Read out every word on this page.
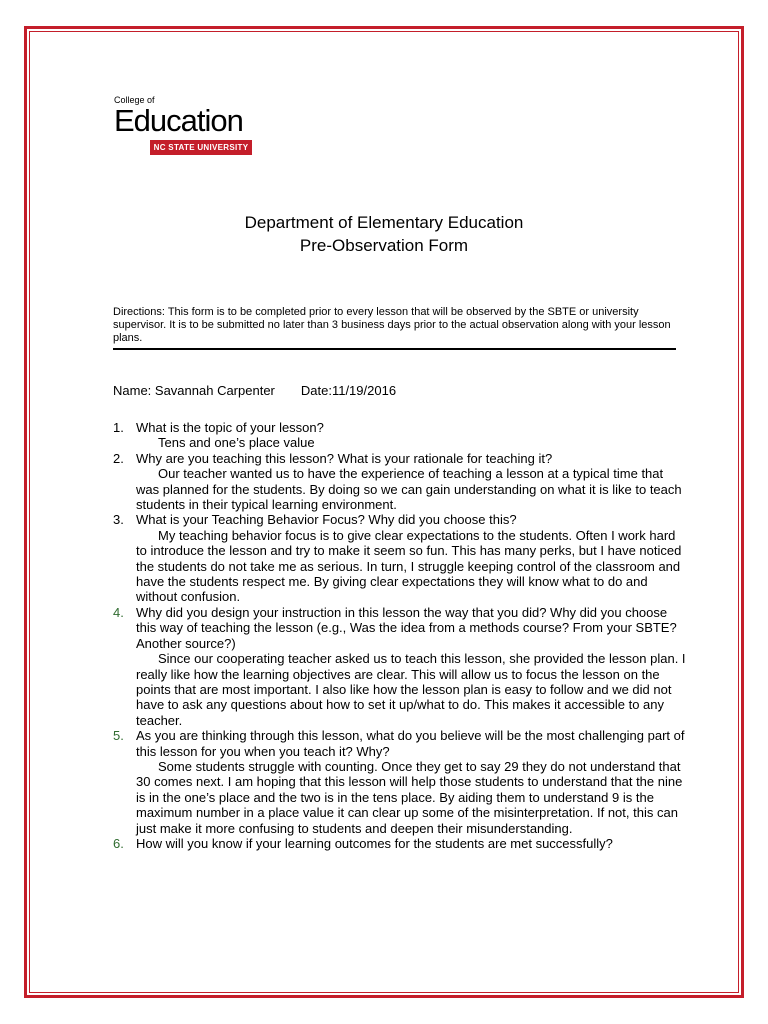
College of
Education
NC STATE UNIVERSITY
Department of Elementary Education
Pre-Observation Form
Directions: This form is to be completed prior to every lesson that will be observed by the SBTE or university supervisor. It is to be submitted no later than 3 business days prior to the actual observation along with your lesson plans.
Name: Savannah Carpenter Date:11/19/2016
1. What is the topic of your lesson?
Tens and one’s place value
2. Why are you teaching this lesson? What is your rationale for teaching it?
Our teacher wanted us to have the experience of teaching a lesson at a typical time that was planned for the students. By doing so we can gain understanding on what it is like to teach students in their typical learning environment.
3. What is your Teaching Behavior Focus? Why did you choose this?
My teaching behavior focus is to give clear expectations to the students. Often I work hard to introduce the lesson and try to make it seem so fun. This has many perks, but I have noticed the students do not take me as serious. In turn, I struggle keeping control of the classroom and have the students respect me. By giving clear expectations they will know what to do and without confusion.
4. Why did you design your instruction in this lesson the way that you did? Why did you choose this way of teaching the lesson (e.g., Was the idea from a methods course? From your SBTE? Another source?)
Since our cooperating teacher asked us to teach this lesson, she provided the lesson plan. I really like how the learning objectives are clear. This will allow us to focus the lesson on the points that are most important. I also like how the lesson plan is easy to follow and we did not have to ask any questions about how to set it up/what to do. This makes it accessible to any teacher.
5. As you are thinking through this lesson, what do you believe will be the most challenging part of this lesson for you when you teach it? Why?
Some students struggle with counting. Once they get to say 29 they do not understand that 30 comes next. I am hoping that this lesson will help those students to understand that the nine is in the one’s place and the two is in the tens place. By aiding them to understand 9 is the maximum number in a place value it can clear up some of the misinterpretation. If not, this can just make it more confusing to students and deepen their misunderstanding.
6. How will you know if your learning outcomes for the students are met successfully?
